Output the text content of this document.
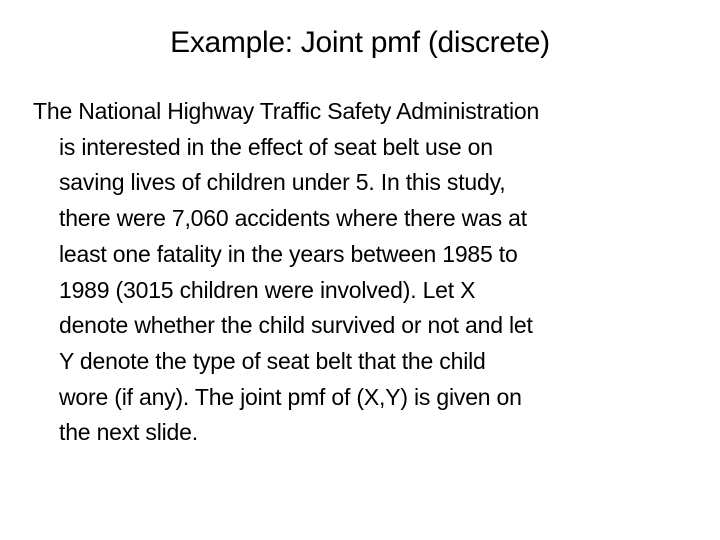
Example: Joint pmf (discrete)
The National Highway Traffic Safety Administration
is interested in the effect of seat belt use on
saving lives of children under 5. In this study,
there were 7,060 accidents where there was at
least one fatality in the years between 1985 to
1989 (3015 children were involved). Let X
denote whether the child survived or not and let
Y denote the type of seat belt that the child
wore (if any). The joint pmf of (X,Y) is given on
the next slide.
